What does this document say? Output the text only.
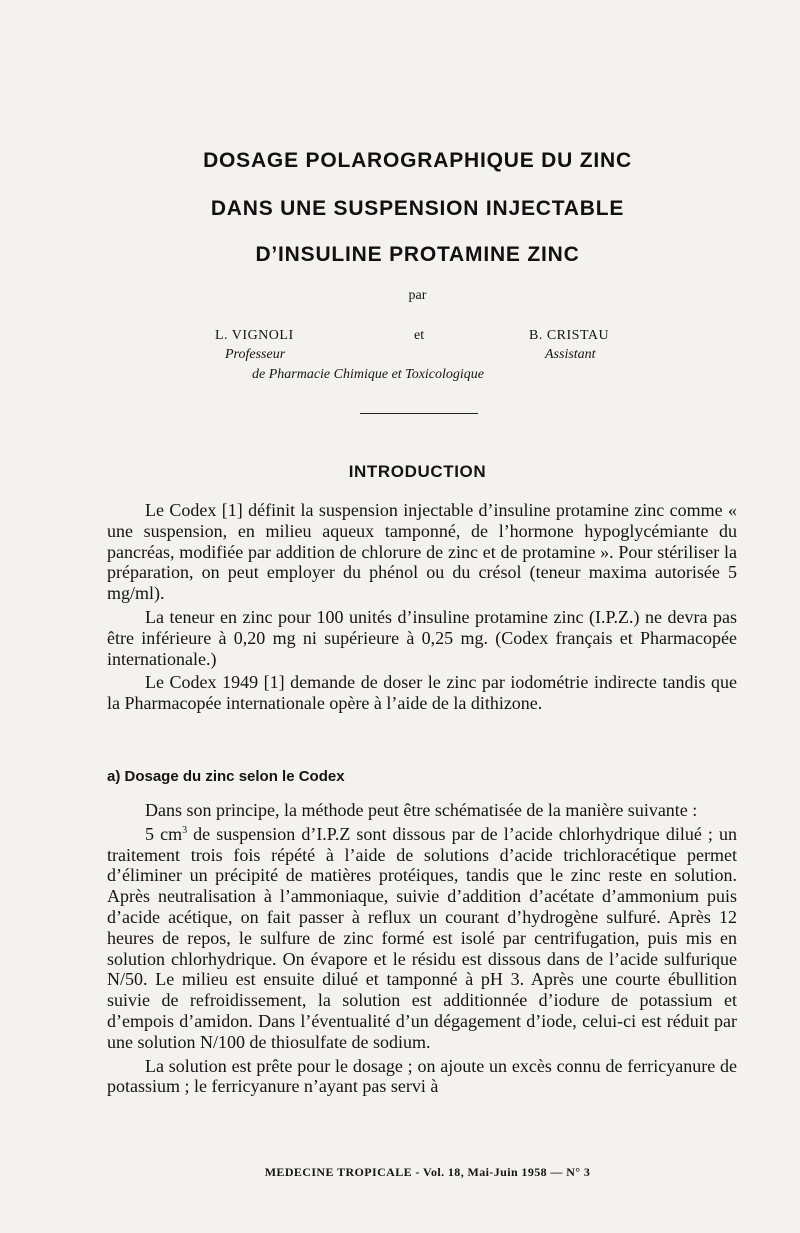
DOSAGE POLAROGRAPHIQUE DU ZINC
DANS UNE SUSPENSION INJECTABLE
D’INSULINE PROTAMINE ZINC
par
L. VIGNOLI	et	B. CRISTAU
Professeur	Assistant
de Pharmacie Chimique et Toxicologique
INTRODUCTION

Le Codex [1] définit la suspension injectable d’insuline protamine zinc comme « une suspension, en milieu aqueux tamponné, de l’hormone hypoglycémiante du pancréas, modifiée par addition de chlorure de zinc et de protamine ». Pour stériliser la préparation, on peut employer du phénol ou du crésol (teneur maxima autorisée 5 mg/ml).

La teneur en zinc pour 100 unités d’insuline protamine zinc (I.P.Z.) ne devra pas être inférieure à 0,20 mg ni supérieure à 0,25 mg. (Codex français et Pharmacopée internationale.)

Le Codex 1949 [1] demande de doser le zinc par iodométrie indirecte tandis que la Pharmacopée internationale opère à l’aide de la dithizone.

a) Dosage du zinc selon le Codex

Dans son principe, la méthode peut être schématisée de la manière suivante :

5 $cm^3$ de suspension d’I.P.Z sont dissous par de l’acide chlorhydrique dilué ; un traitement trois fois répété à l’aide de solutions d’acide trichloracétique permet d’éliminer un précipité de matières protéiques, tandis que le zinc reste en solution. Après neutralisation à l’ammoniaque, suivie d’addition d’acétate d’ammonium puis d’acide acétique, on fait passer à reflux un courant d’hydrogène sulfuré. Après 12 heures de repos, le sulfure de zinc formé est isolé par centrifugation, puis mis en solution chlorhydrique. On évapore et le résidu est dissous dans de l’acide sulfurique N/50. Le milieu est ensuite dilué et tamponné à pH 3. Après une courte ébullition suivie de refroidissement, la solution est additionnée d’iodure de potassium et d’empois d’amidon. Dans l’éventualité d’un dégagement d’iode, celui-ci est réduit par une solution N/100 de thiosulfate de sodium.

La solution est prête pour le dosage ; on ajoute un excès connu de ferricyanure de potassium ; le ferricyanure n’ayant pas servi à

MEDECINE TROPICALE - Vol. 18, Mai-Juin 1958 — N° 3
